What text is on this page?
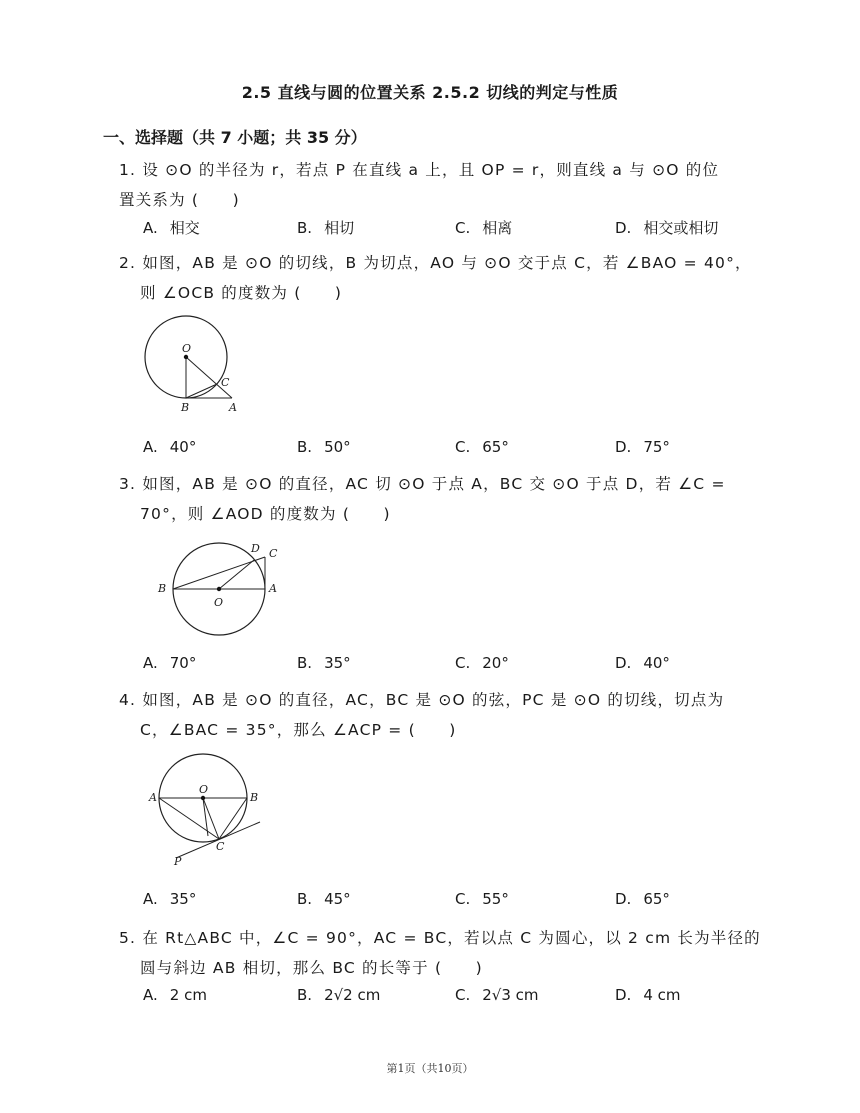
2.5 直线与圆的位置关系 2.5.2 切线的判定与性质
一、选择题（共 7 小题；共 35 分）
1. 设 ⊙O 的半径为 r，若点 P 在直线 a 上，且 OP = r，则直线 a 与 ⊙O 的位
置关系为 (　　)
A. 相交	B. 相切	C. 相离	D. 相交或相切
2. 如图，AB 是 ⊙O 的切线，B 为切点，AO 与 ⊙O 交于点 C，若 ∠BAO = 40°，
则 ∠OCB 的度数为 (　　)
O
C
B	A
A. 40°	B. 50°	C. 65°	D. 75°
3. 如图，AB 是 ⊙O 的直径，AC 切 ⊙O 于点 A，BC 交 ⊙O 于点 D，若 ∠C =
70°，则 ∠AOD 的度数为 (　　)
D C
B	A
O
A. 70°	B. 35°	C. 20°	D. 40°
4. 如图，AB 是 ⊙O 的直径，AC，BC 是 ⊙O 的弦，PC 是 ⊙O 的切线，切点为
C，∠BAC = 35°，那么 ∠ACP = (　　)
A
O
B
C
P
A. 35°	B. 45°	C. 55°	D. 65°
5. 在 Rt△ABC 中，∠C = 90°，AC = BC，若以点 C 为圆心，以 2 cm 长为半径的
圆与斜边 AB 相切，那么 BC 的长等于 (　　)
A. 2 cm	B. 2√2 cm	C. 2√3 cm	D. 4 cm
第1页（共10页）
